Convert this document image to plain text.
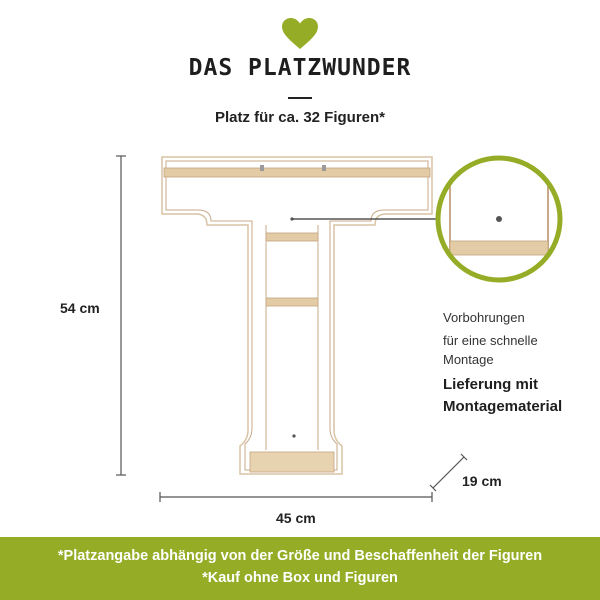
DAS PLATZWUNDER
Platz für ca. 32 Figuren*
54 cm
45 cm
19 cm
Vorbohrungen
für eine schnelle
Montage
Lieferung mit
Montagematerial
*Platzangabe abhängig von der Größe und Beschaffenheit der Figuren
*Kauf ohne Box und Figuren
